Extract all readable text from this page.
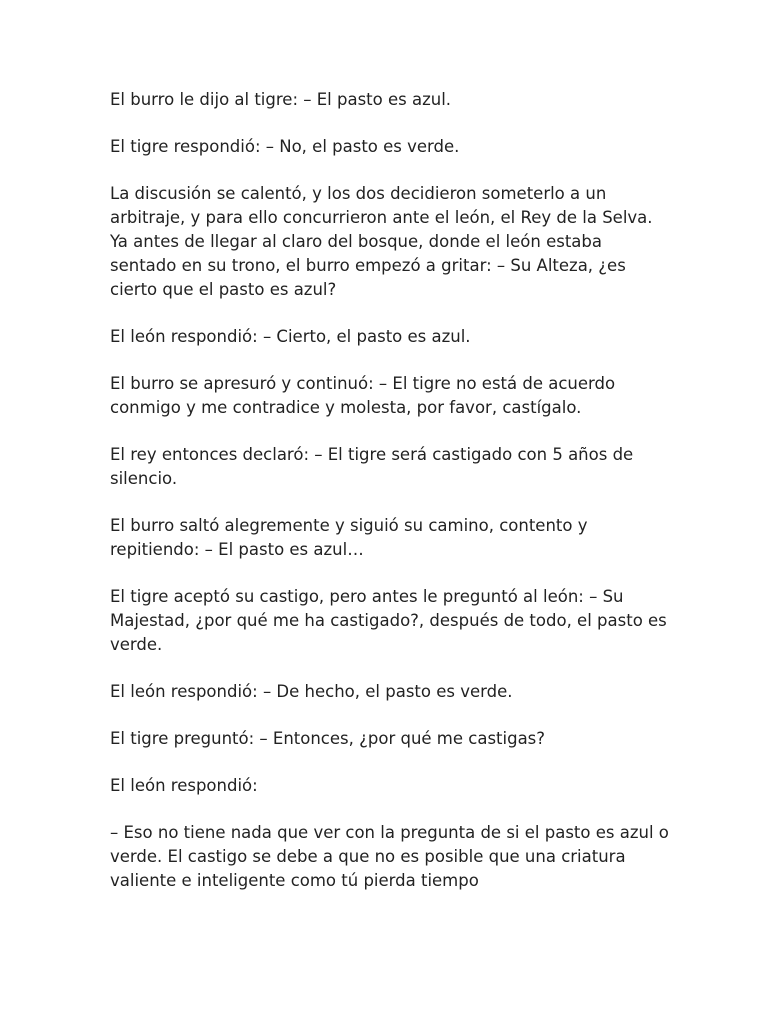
El burro le dijo al tigre: – El pasto es azul.

El tigre respondió: – No, el pasto es verde.

La discusión se calentó, y los dos decidieron someterlo a un arbitraje, y para ello concurrieron ante el león, el Rey de la Selva. Ya antes de llegar al claro del bosque, donde el león estaba sentado en su trono, el burro empezó a gritar: – Su Alteza, ¿es cierto que el pasto es azul?

El león respondió: – Cierto, el pasto es azul.

El burro se apresuró y continuó: – El tigre no está de acuerdo conmigo y me contradice y molesta, por favor, castígalo.

El rey entonces declaró: – El tigre será castigado con 5 años de silencio.

El burro saltó alegremente y siguió su camino, contento y repitiendo: – El pasto es azul…

El tigre aceptó su castigo, pero antes le preguntó al león: – Su Majestad, ¿por qué me ha castigado?, después de todo, el pasto es verde.

El león respondió: – De hecho, el pasto es verde.

El tigre preguntó: – Entonces, ¿por qué me castigas?

El león respondió:

– Eso no tiene nada que ver con la pregunta de si el pasto es azul o verde. El castigo se debe a que no es posible que una criatura valiente e inteligente como tú pierda tiempo
